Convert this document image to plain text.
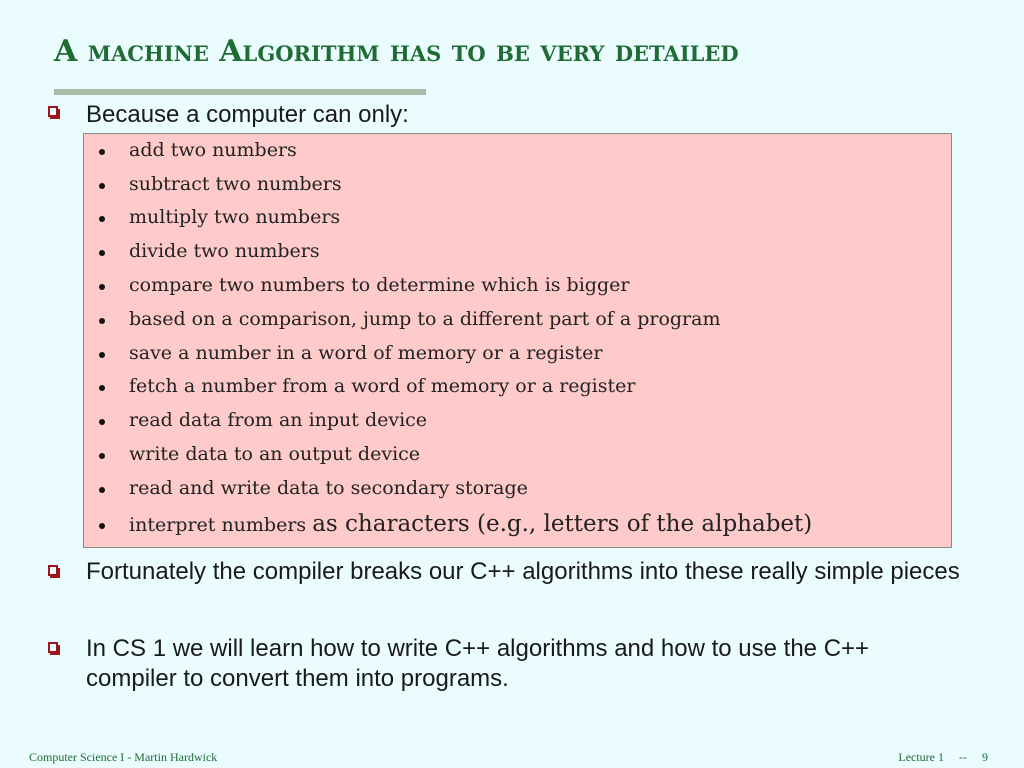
A machine Algorithm has to be very detailed
Because a computer can only:
add two numbers
subtract two numbers
multiply two numbers
divide two numbers
compare two numbers to determine which is bigger
based on a comparison, jump to a different part of a program
save a number in a word of memory or a register
fetch a number from a word of memory or a register
read data from an input device
write data to an output device
read and write data to secondary storage
interpret numbers as characters (e.g., letters of the alphabet)
Fortunately the compiler breaks our C++ algorithms into these really simple pieces
In CS 1 we will learn how to write C++ algorithms and how to use the C++ compiler to convert them into programs.
Computer Science I - Martin Hardwick	Lecture 1     --     9
